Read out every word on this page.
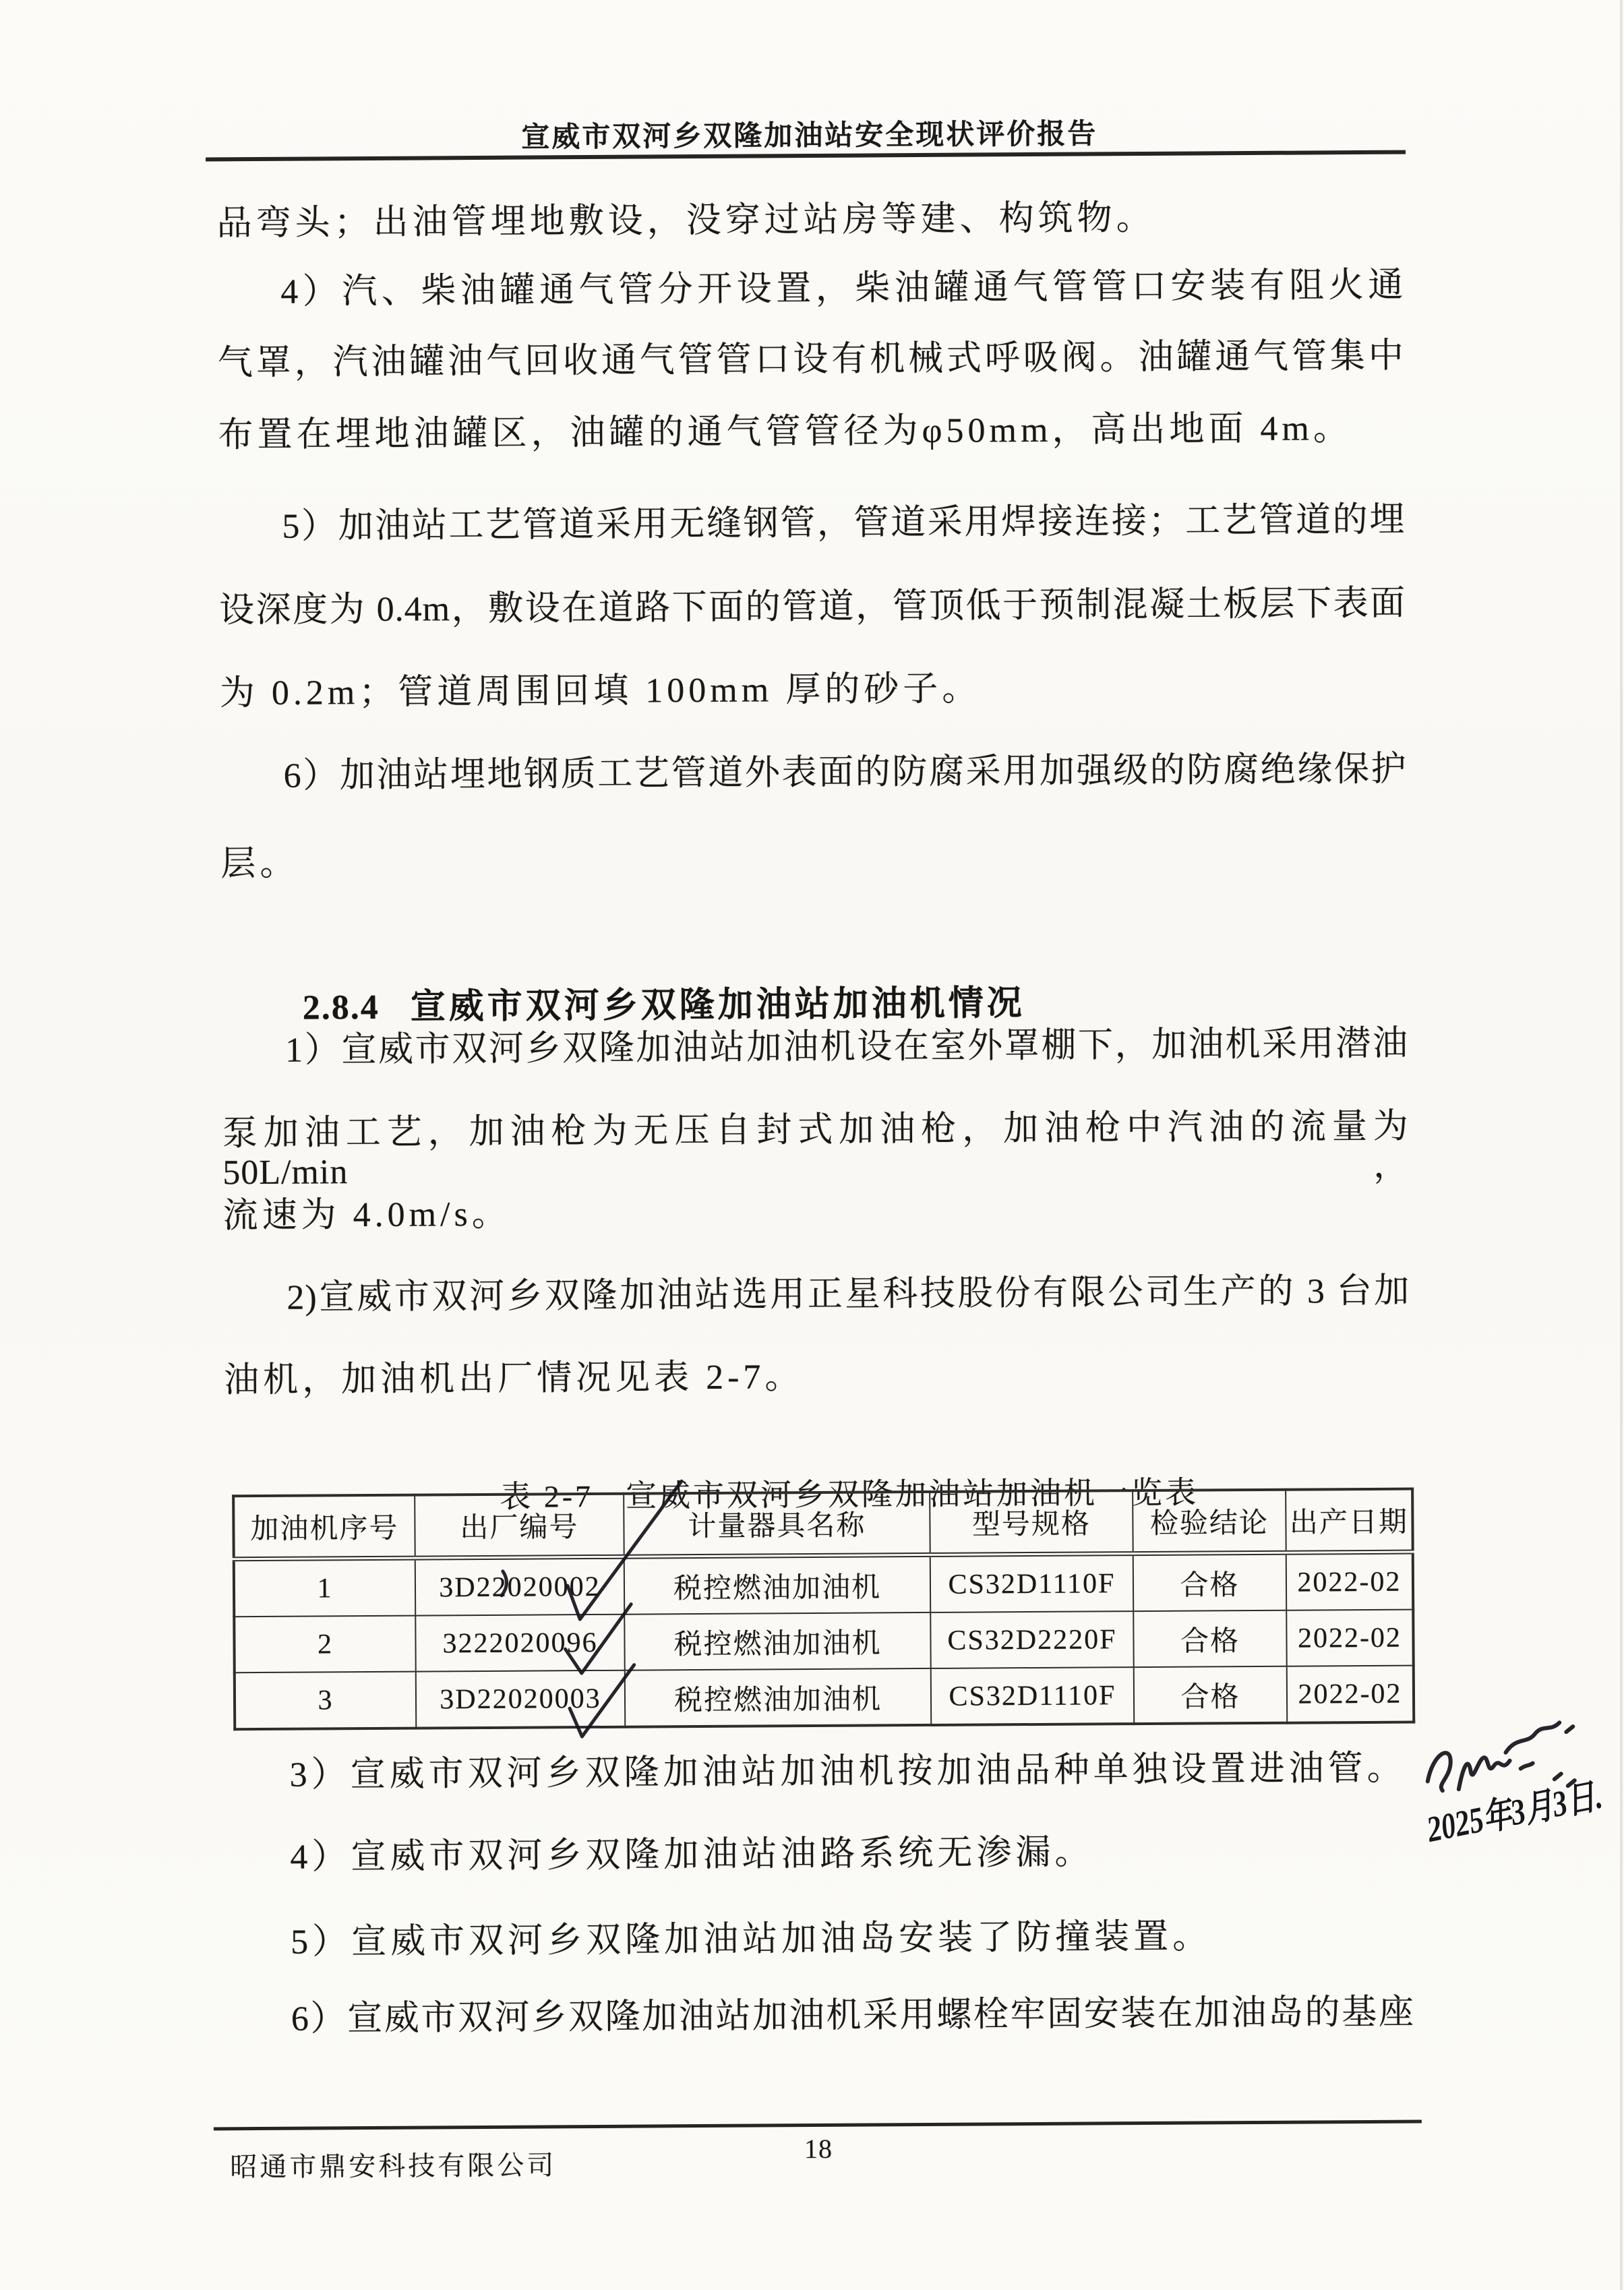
宣威市双河乡双隆加油站安全现状评价报告
品弯头；出油管埋地敷设，没穿过站房等建、构筑物。
4）汽、柴油罐通气管分开设置，柴油罐通气管管口安装有阻火通
气罩，汽油罐油气回收通气管管口设有机械式呼吸阀。油罐通气管集中
布置在埋地油罐区，油罐的通气管管径为φ50mm，高出地面 4m。
5）加油站工艺管道采用无缝钢管，管道采用焊接连接；工艺管道的埋
设深度为 0.4m，敷设在道路下面的管道，管顶低于预制混凝土板层下表面
为 0.2m；管道周围回填 100mm 厚的砂子。
6）加油站埋地钢质工艺管道外表面的防腐采用加强级的防腐绝缘保护
层。

2.8.4 宣威市双河乡双隆加油站加油机情况

1）宣威市双河乡双隆加油站加油机设在室外罩棚下，加油机采用潜油
泵加油工艺，加油枪为无压自封式加油枪，加油枪中汽油的流量为 50L/min，
流速为 4.0m/s。
2)宣威市双河乡双隆加油站选用正星科技股份有限公司生产的 3 台加
油机，加油机出厂情况见表 2-7。

表 2-7 宣威市双河乡双隆加油站加油机一览表

加油机序号	出厂编号	计量器具名称	型号规格	检验结论	出产日期
1	3D22020002	税控燃油加油机	CS32D1110F	合格	2022-02
2	3222020096	税控燃油加油机	CS32D2220F	合格	2022-02
3	3D22020003	税控燃油加油机	CS32D1110F	合格	2022-02
3）宣威市双河乡双隆加油站加油机按加油品种单独设置进油管。
4）宣威市双河乡双隆加油站油路系统无渗漏。
5）宣威市双河乡双隆加油站加油岛安装了防撞装置。
6）宣威市双河乡双隆加油站加油机采用螺栓牢固安装在加油岛的基座
2025年3月3日.
18
昭通市鼎安科技有限公司
